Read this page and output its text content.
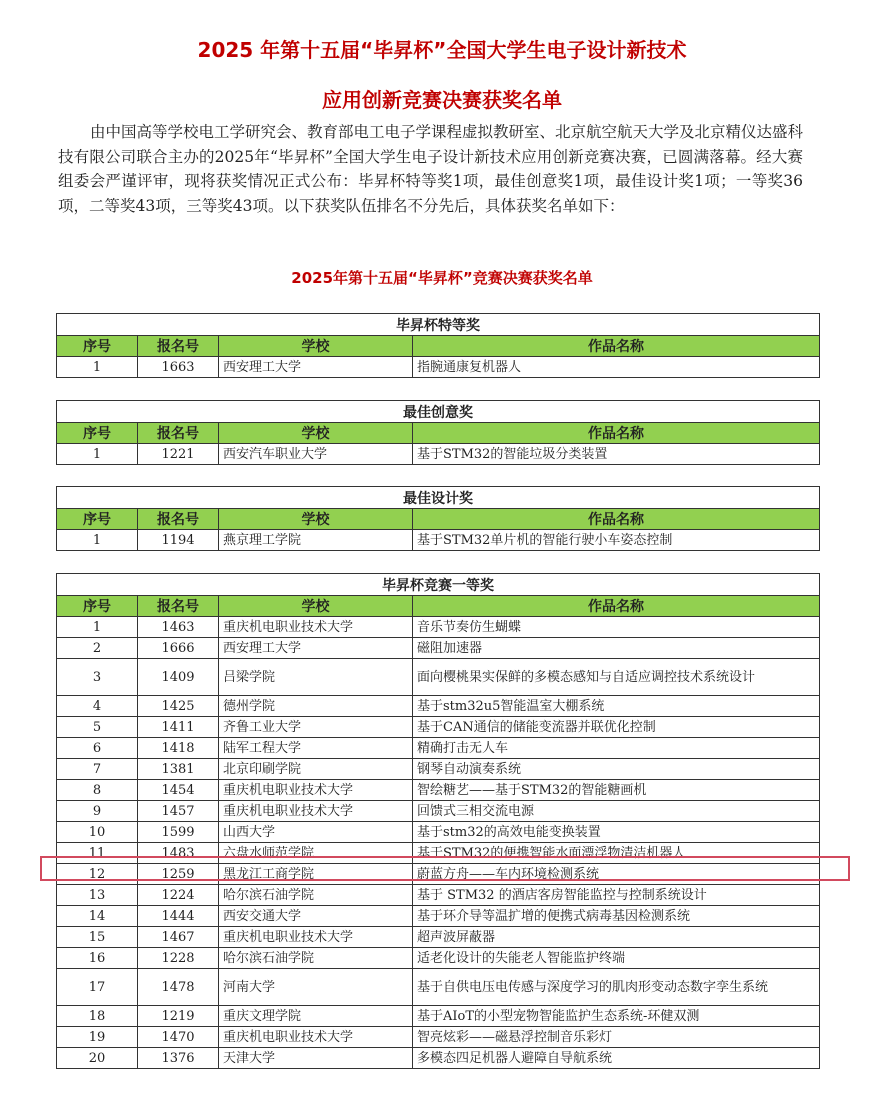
2025 年第十五届“毕昇杯”全国大学生电子设计新技术
应用创新竞赛决赛获奖名单

由中国高等学校电工学研究会、教育部电工电子学课程虚拟教研室、北京航空航天大学及北京精仪达盛科技有限公司联合主办的2025年“毕昇杯”全国大学生电子设计新技术应用创新竞赛决赛，已圆满落幕。经大赛组委会严谨评审，现将获奖情况正式公布：毕昇杯特等奖1项，最佳创意奖1项，最佳设计奖1项；一等奖36项，二等奖43项，三等奖43项。以下获奖队伍排名不分先后，具体获奖名单如下：

2025年第十五届“毕昇杯”竞赛决赛获奖名单
毕昇杯特等奖			
序号	报名号	学校	作品名称
1	1663	西安理工大学	指腕通康复机器人
最佳创意奖			
序号	报名号	学校	作品名称
1	1221	西安汽车职业大学	基于STM32的智能垃圾分类装置
最佳设计奖			
序号	报名号	学校	作品名称
1	1194	燕京理工学院	基于STM32单片机的智能行驶小车姿态控制
毕昇杯竞赛一等奖			
序号	报名号	学校	作品名称
1	1463	重庆机电职业技术大学	音乐节奏仿生蝴蝶
2	1666	西安理工大学	磁阻加速器
3	1409	吕梁学院	面向樱桃果实保鲜的多模态感知与自适应调控技术系统设计
4	1425	德州学院	基于stm32u5智能温室大棚系统
5	1411	齐鲁工业大学	基于CAN通信的储能变流器并联优化控制
6	1418	陆军工程大学	精确打击无人车
7	1381	北京印刷学院	钢琴自动演奏系统
8	1454	重庆机电职业技术大学	智绘糖艺——基于STM32的智能糖画机
9	1457	重庆机电职业技术大学	回馈式三相交流电源
10	1599	山西大学	基于stm32的高效电能变换装置
11	1483	六盘水师范学院	基于STM32的便携智能水面漂浮物清洁机器人
12	1259	黑龙江工商学院	蔚蓝方舟——车内环境检测系统
13	1224	哈尔滨石油学院	基于 STM32 的酒店客房智能监控与控制系统设计
14	1444	西安交通大学	基于环介导等温扩增的便携式病毒基因检测系统
15	1467	重庆机电职业技术大学	超声波屏蔽器
16	1228	哈尔滨石油学院	适老化设计的失能老人智能监护终端
17	1478	河南大学	基于自供电压电传感与深度学习的肌肉形变动态数字孪生系统
18	1219	重庆文理学院	基于AIoT的小型宠物智能监护生态系统-环健双测
19	1470	重庆机电职业技术大学	智亮炫彩——磁悬浮控制音乐彩灯
20	1376	天津大学	多模态四足机器人避障自导航系统
